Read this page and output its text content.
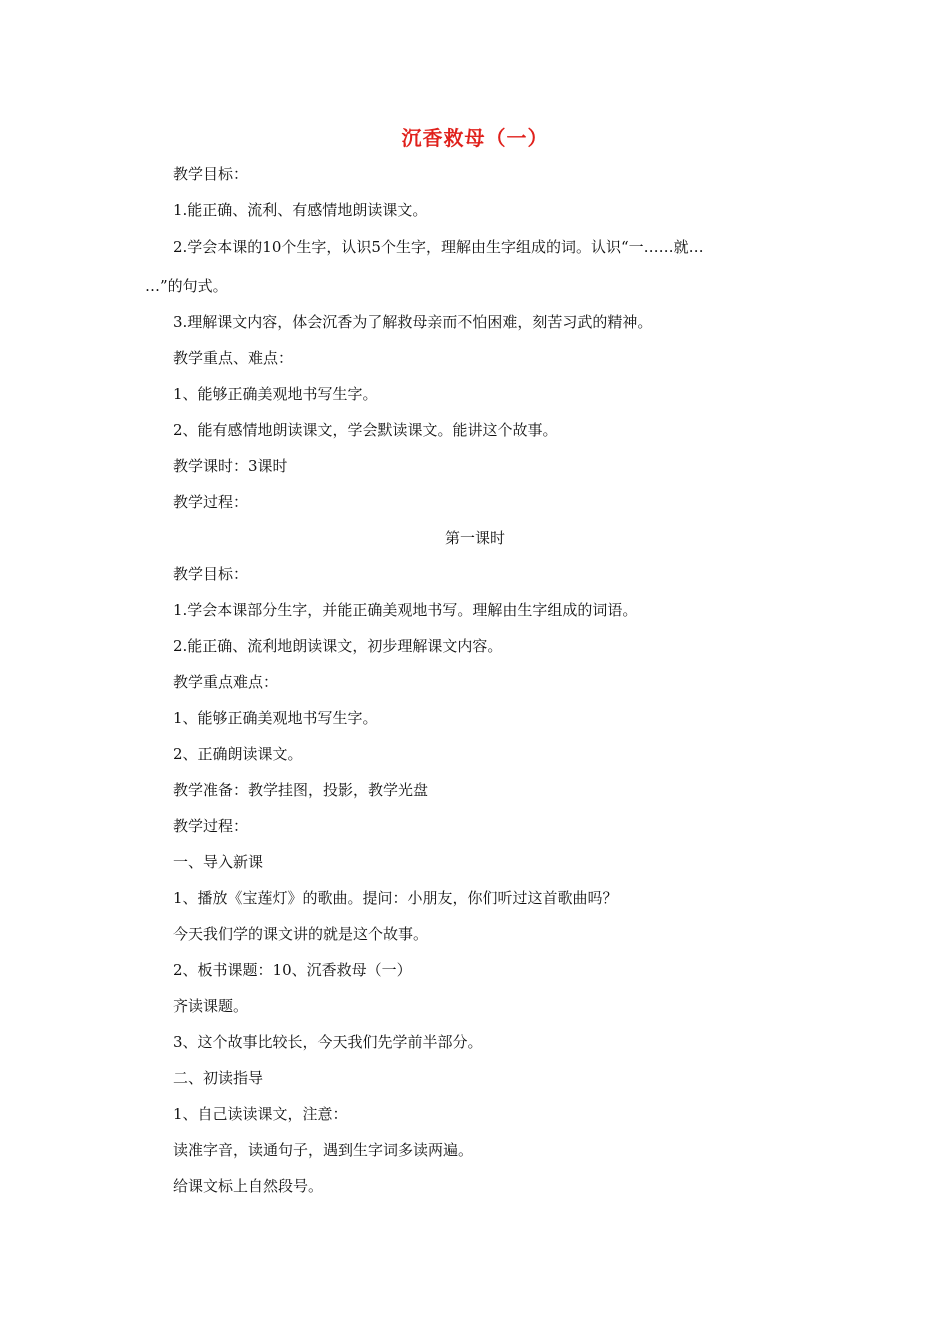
沉香救母（一）
教学目标：
1.能正确、流利、有感情地朗读课文。
2.学会本课的10个生字，认识5个生字，理解由生字组成的词。认识“一……就…
…”的句式。
3.理解课文内容，体会沉香为了解救母亲而不怕困难，刻苦习武的精神。
教学重点、难点：
1、能够正确美观地书写生字。
2、能有感情地朗读课文，学会默读课文。能讲这个故事。
教学课时：3课时
教学过程：
第一课时
教学目标：
1.学会本课部分生字，并能正确美观地书写。理解由生字组成的词语。
2.能正确、流利地朗读课文，初步理解课文内容。
教学重点难点：
1、能够正确美观地书写生字。
2、正确朗读课文。
教学准备：教学挂图，投影，教学光盘
教学过程：
一、导入新课
1、播放《宝莲灯》的歌曲。提问：小朋友，你们听过这首歌曲吗？
今天我们学的课文讲的就是这个故事。
2、板书课题：10、沉香救母（一）
齐读课题。
3、这个故事比较长，今天我们先学前半部分。
二、初读指导
1、自己读读课文，注意：
读准字音，读通句子，遇到生字词多读两遍。
给课文标上自然段号。
